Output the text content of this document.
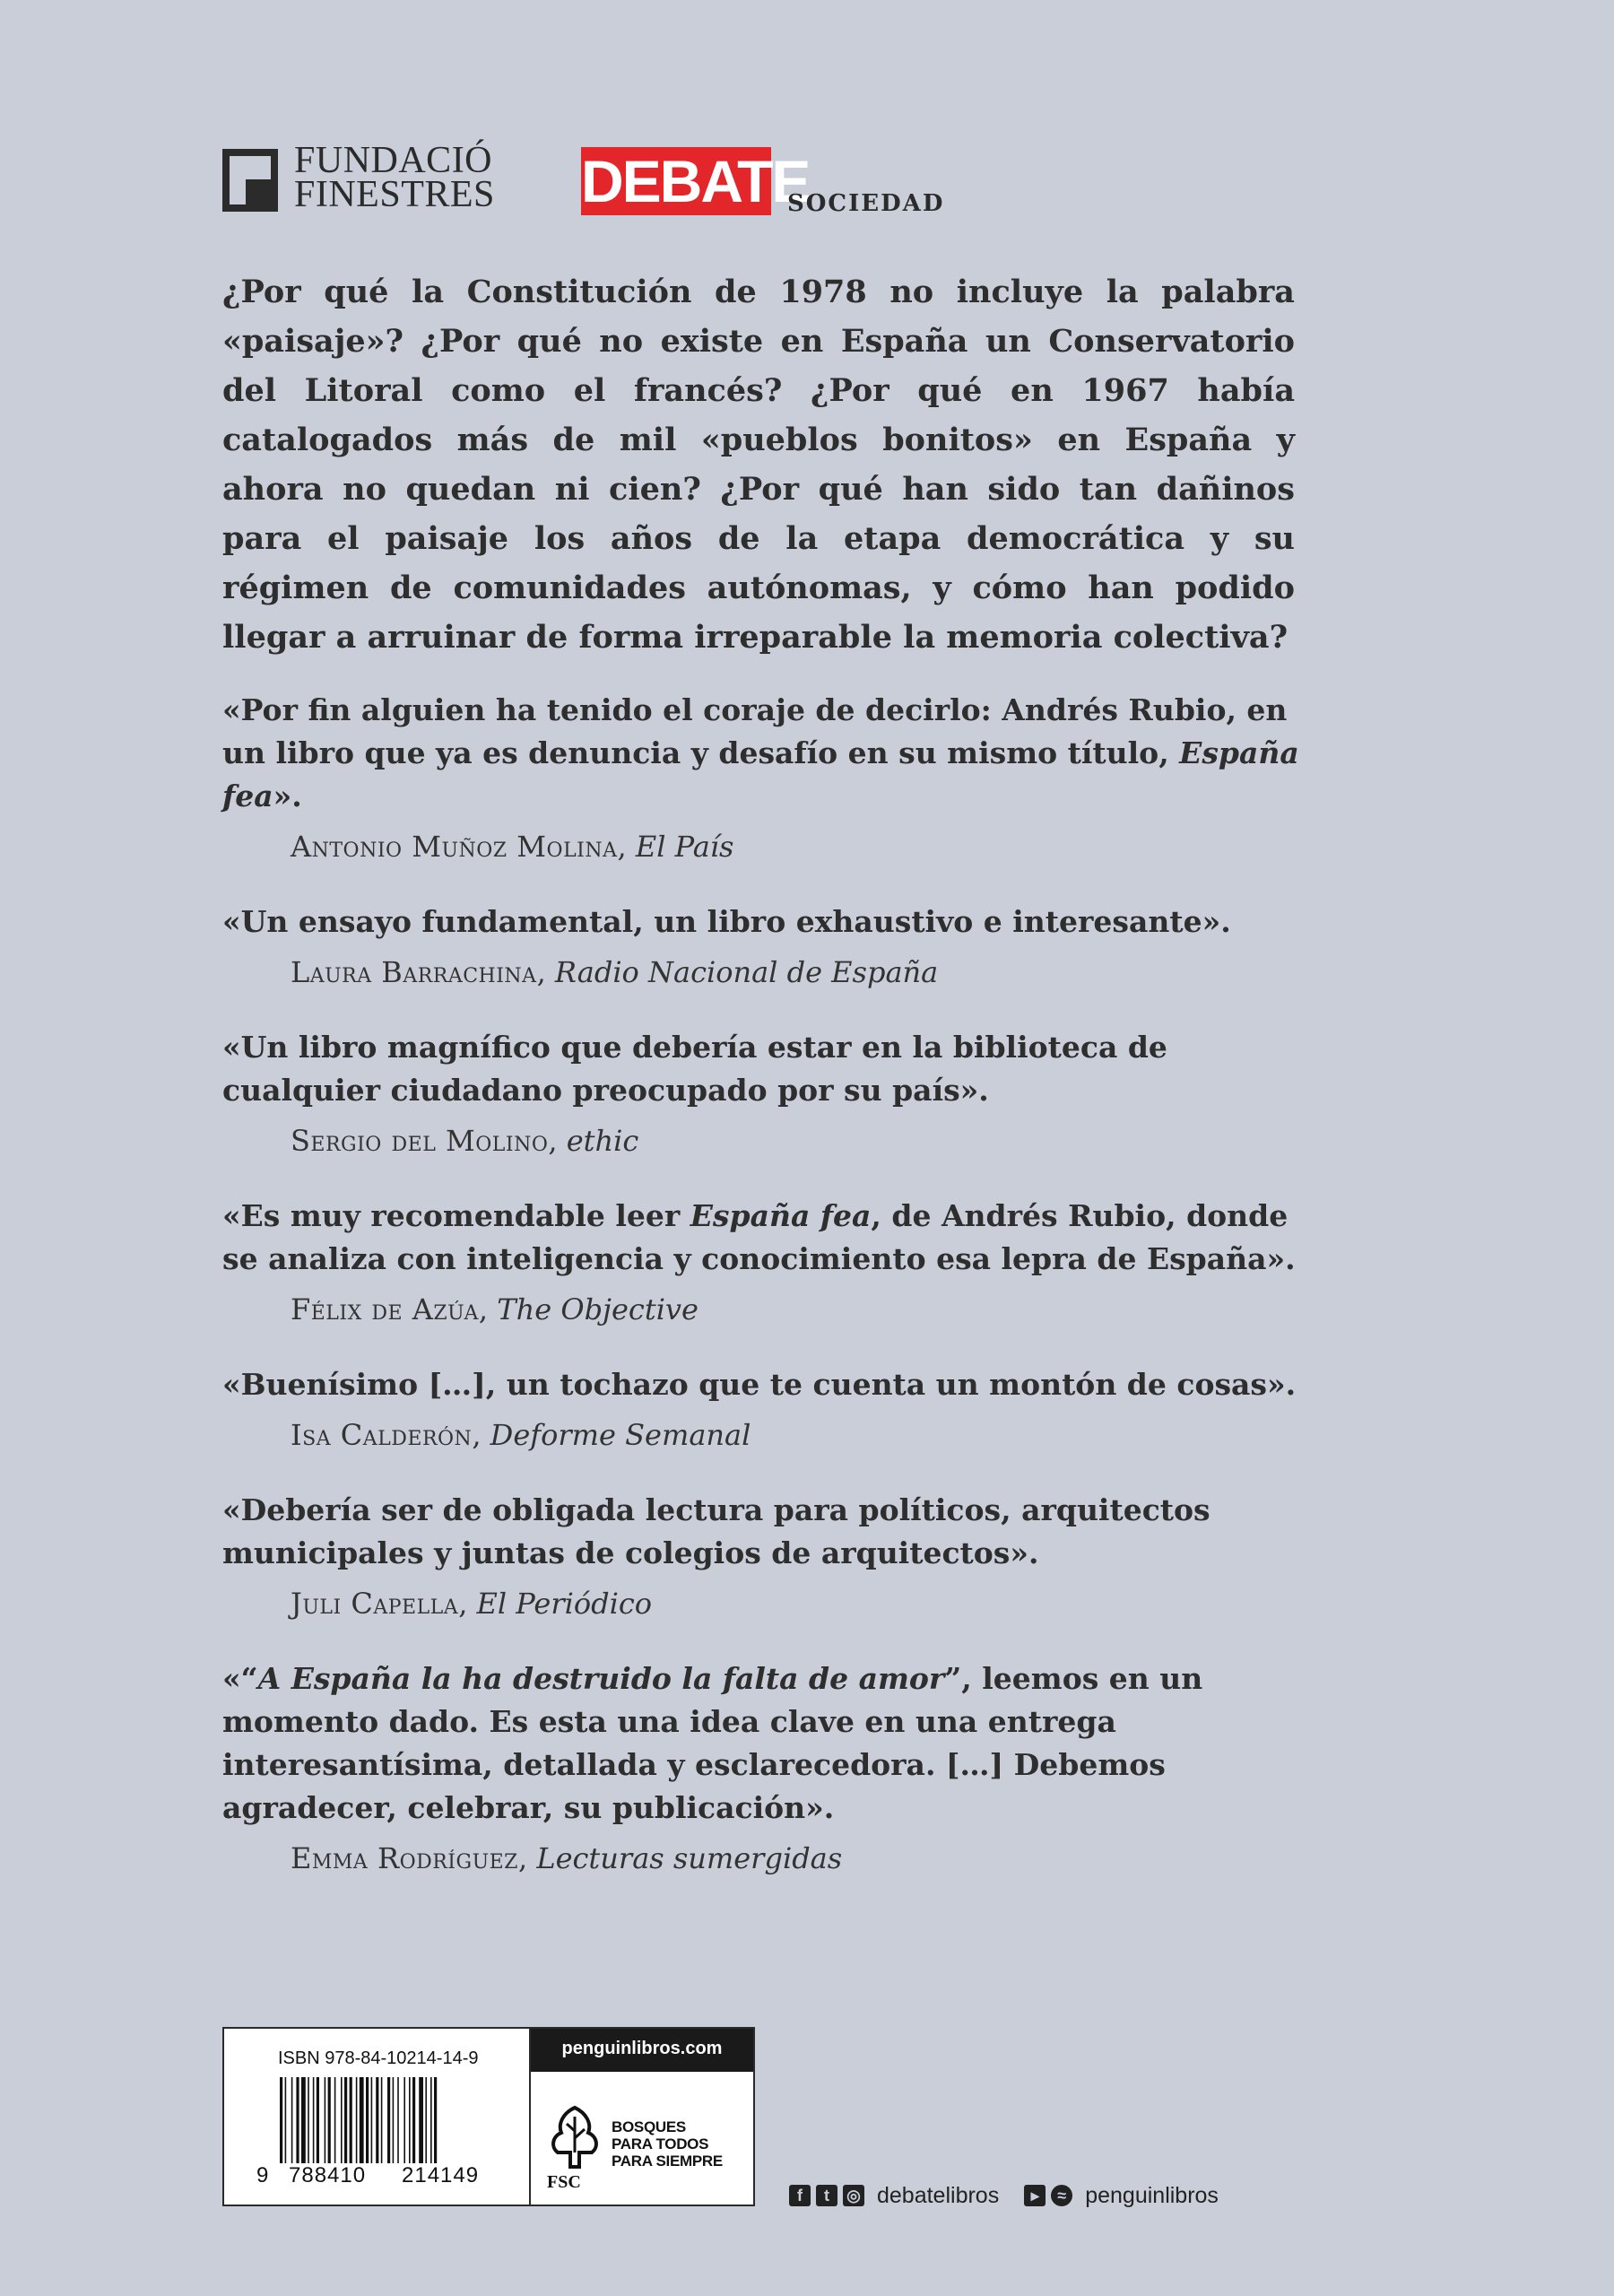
FUNDACIÓ
FINESTRES DEBATE
SOCIEDAD

¿Por qué la Constitución de 1978 no incluye la palabra «paisaje»? ¿Por qué no existe en España un Conservatorio del Litoral como el francés? ¿Por qué en 1967 había catalogados más de mil «pueblos bonitos» en España y ahora no quedan ni cien? ¿Por qué han sido tan dañinos para el paisaje los años de la etapa democrática y su régimen de comunidades autónomas, y cómo han podido llegar a arruinar de forma irreparable la memoria colectiva?

«Por fin alguien ha tenido el coraje de decirlo: Andrés Rubio, en un libro que ya es denuncia y desafío en su mismo título, España fea».

Antonio Muñoz Molina, El País

«Un ensayo fundamental, un libro exhaustivo e interesante».

Laura Barrachina, Radio Nacional de España

«Un libro magnífico que debería estar en la biblioteca de cualquier ciudadano preocupado por su país».

Sergio del Molino, ethic

«Es muy recomendable leer España fea, de Andrés Rubio, donde se analiza con inteligencia y conocimiento esa lepra de España».

Félix de Azúa, The Objective

«Buenísimo […], un tochazo que te cuenta un montón de cosas».

Isa Calderón, Deforme Semanal

«Debería ser de obligada lectura para políticos, arquitectos municipales y juntas de colegios de arquitectos».

Juli Capella, El Periódico

«“A España la ha destruido la falta de amor”, leemos en un momento dado. Es esta una idea clave en una entrega interesantísima, detallada y esclarecedora. […] Debemos agradecer, celebrar, su publicación».

Emma Rodríguez, Lecturas sumergidas

ISBN 978-84-10214-14-9
9 788410 214149
penguinlibros.com
BOSQUES
PARA TODOS
PARA SIEMPRE
FSC
f	t	◎ debatelibros	▸	≈ penguinlibros
